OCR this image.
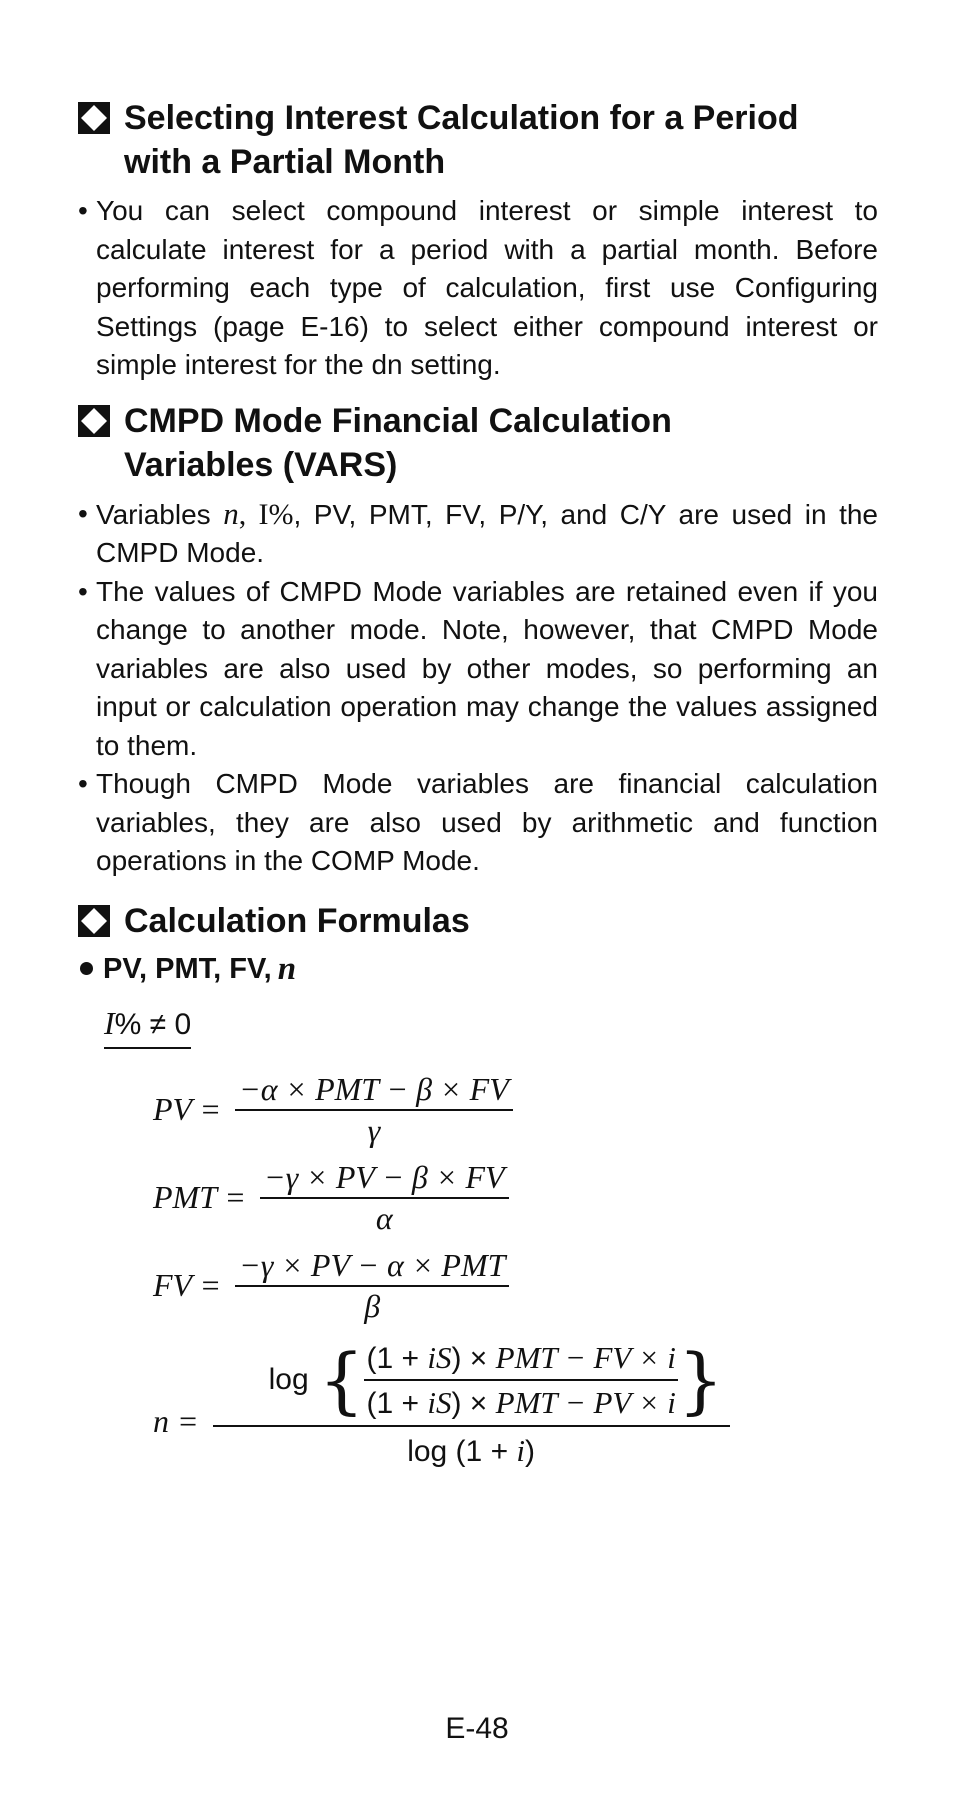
Selecting Interest Calculation for a Period
with a Partial Month
• You can select compound interest or simple interest to calculate interest for a period with a partial month. Before performing each type of calculation, first use Configuring Settings (page E-16) to select either compound interest or simple interest for the dn setting.
CMPD Mode Financial Calculation
Variables (VARS)
• Variables n, I%, PV, PMT, FV, P/Y, and C/Y are used in the CMPD Mode.
• The values of CMPD Mode variables are retained even if you change to another mode. Note, however, that CMPD Mode variables are also used by other modes, so performing an input or calculation operation may change the values assigned to them.
• Though CMPD Mode variables are financial calculation variables, they are also used by arithmetic and function operations in the COMP Mode.
Calculation Formulas
PV, PMT, FV, n
I% ≠ 0
PV = $\frac{\text{−α × PMT − β × FV}}{\gamma}$
PMT = $\frac{-\gamma \times PV - \beta \times FV}{\alpha}$
FV = $\frac{\text{−γ × PV − α × PMT}}{\beta}$
n =
log { $\frac{\text{(1 + iS) × PMT − FV × i}}{\text{(1 + iS) × PMT − PV × i}}$ }
log (1 + i)
E-48
